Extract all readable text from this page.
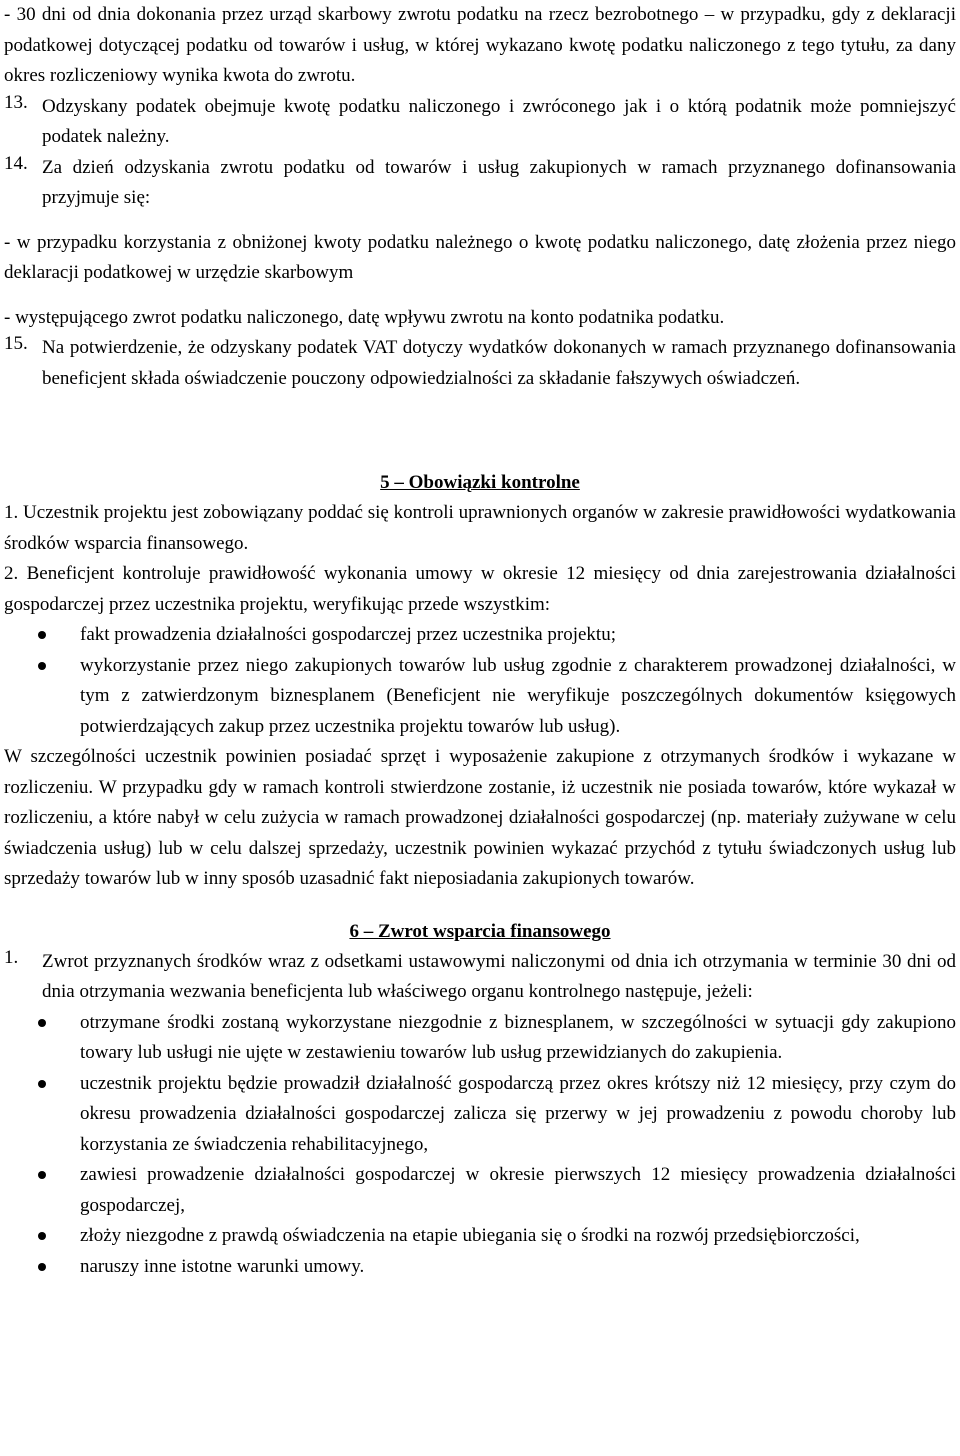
- 30 dni od dnia dokonania przez urząd skarbowy zwrotu podatku na rzecz bezrobotnego – w przypadku, gdy z deklaracji podatkowej dotyczącej podatku od towarów i usług, w której wykazano kwotę podatku naliczonego z tego tytułu, za dany okres rozliczeniowy wynika kwota do zwrotu.

13. Odzyskany podatek obejmuje kwotę podatku naliczonego i zwróconego jak i o którą podatnik może pomniejszyć podatek należny.
14. Za dzień odzyskania zwrotu podatku od towarów i usług zakupionych w ramach przyznanego dofinansowania przyjmuje się:

- w przypadku korzystania z obniżonej kwoty podatku należnego o kwotę podatku naliczonego, datę złożenia przez niego deklaracji podatkowej w urzędzie skarbowym

- występującego zwrot podatku naliczonego, datę wpływu zwrotu na konto podatnika podatku.

15. Na potwierdzenie, że odzyskany podatek VAT dotyczy wydatków dokonanych w ramach przyznanego dofinansowania beneficjent składa oświadczenie pouczony odpowiedzialności za składanie fałszywych oświadczeń.
5 – Obowiązki kontrolne

1. Uczestnik projektu jest zobowiązany poddać się kontroli uprawnionych organów w zakresie prawidłowości wydatkowania środków wsparcia finansowego.

2. Beneficjent kontroluje prawidłowość wykonania umowy w okresie 12 miesięcy od dnia zarejestrowania działalności gospodarczej przez uczestnika projektu, weryfikując przede wszystkim:

fakt prowadzenia działalności gospodarczej przez uczestnika projektu;
wykorzystanie przez niego zakupionych towarów lub usług zgodnie z charakterem prowadzonej działalności, w tym z zatwierdzonym biznesplanem (Beneficjent nie weryfikuje poszczególnych dokumentów księgowych potwierdzających zakup przez uczestnika projektu towarów lub usług).

W szczególności uczestnik powinien posiadać sprzęt i wyposażenie zakupione z otrzymanych środków i wykazane w rozliczeniu. W przypadku gdy w ramach kontroli stwierdzone zostanie, iż uczestnik nie posiada towarów, które wykazał w rozliczeniu, a które nabył w celu zużycia w ramach prowadzonej działalności gospodarczej (np. materiały zużywane w celu świadczenia usług) lub w celu dalszej sprzedaży, uczestnik powinien wykazać przychód z tytułu świadczonych usług lub sprzedaży towarów lub w inny sposób uzasadnić fakt nieposiadania zakupionych towarów.

6 – Zwrot wsparcia finansowego
1.	Zwrot przyznanych środków wraz z odsetkami ustawowymi naliczonymi od dnia ich otrzymania w terminie 30 dni od dnia otrzymania wezwania beneficjenta lub właściwego organu kontrolnego następuje, jeżeli:
otrzymane środki zostaną wykorzystane niezgodnie z biznesplanem, w szczególności w sytuacji gdy zakupiono towary lub usługi nie ujęte w zestawieniu towarów lub usług przewidzianych do zakupienia.
uczestnik projektu będzie prowadził działalność gospodarczą przez okres krótszy niż 12 miesięcy, przy czym do okresu prowadzenia działalności gospodarczej zalicza się przerwy w jej prowadzeniu z powodu choroby lub korzystania ze świadczenia rehabilitacyjnego,
zawiesi prowadzenie działalności gospodarczej w okresie pierwszych 12 miesięcy prowadzenia działalności gospodarczej,
złoży niezgodne z prawdą oświadczenia na etapie ubiegania się o środki na rozwój przedsiębiorczości,
naruszy inne istotne warunki umowy.
